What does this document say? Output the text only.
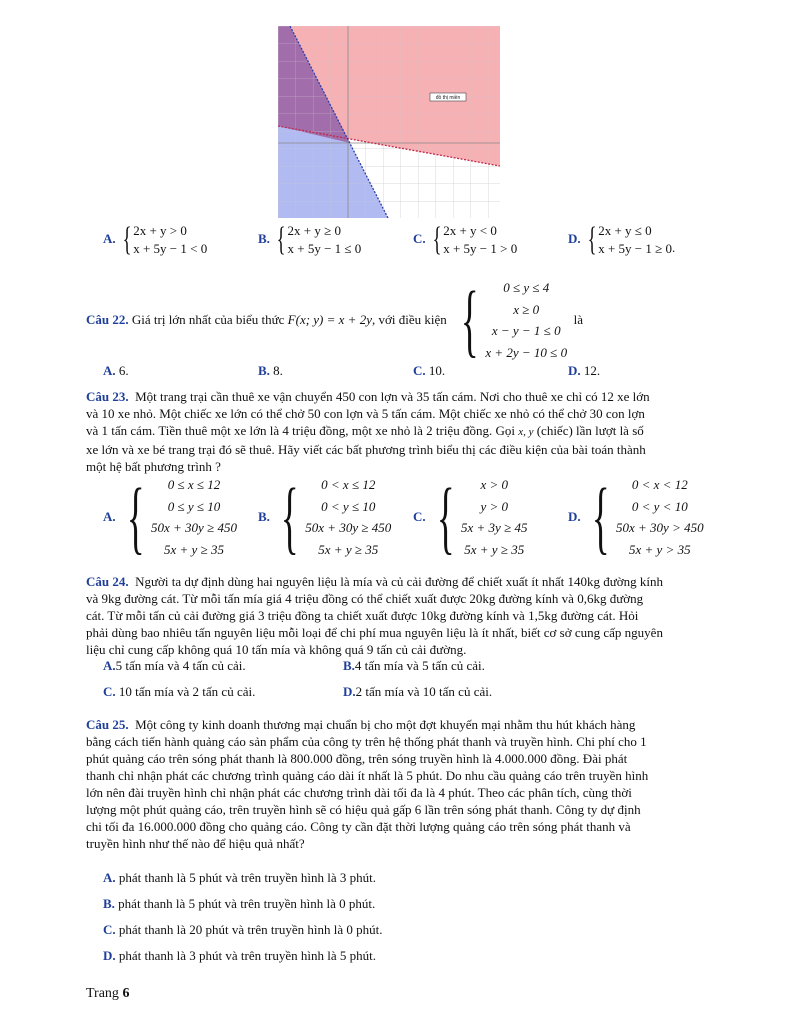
đồ thị miền
A. { 2x + y > 0
x + 5y − 1 < 0
B. { 2x + y ≥ 0
x + 5y − 1 ≤ 0
C. { 2x + y < 0
x + 5y − 1 > 0
D. { 2x + y ≤ 0
x + 5y − 1 ≥ 0 .
Câu 22.
Giá trị lớn nhất của biểu thức
F(x; y) = x + 2y , với điều kiện
{	0 ≤ y ≤ 4
x ≥ 0
x − y − 1 ≤ 0
x + 2y − 10 ≤ 0

là
A. 6.	B. 8.	C. 10.	D. 12.
Câu 23. Một trang trại cần thuê xe vận chuyển 450 con lợn và 35 tấn cám. Nơi cho thuê xe chỉ có 12 xe lớn
và 10 xe nhỏ. Một chiếc xe lớn có thể chở 50 con lợn và 5 tấn cám. Một chiếc xe nhỏ có thể chở 30 con lợn
và 1 tấn cám. Tiền thuê một xe lớn là 4 triệu đồng, một xe nhỏ là 2 triệu đồng. Gọi x, y (chiếc) lần lượt là số
xe lớn và xe bé trang trại đó sẽ thuê. Hãy viết các bất phương trình biểu thị các điều kiện của bài toán thành
một hệ bất phương trình ?
A. {	0 ≤ x ≤ 12
0 ≤ y ≤ 10
50x + 30y ≥ 450
5x + y ≥ 35
B. {	0 < x ≤ 12
0 < y ≤ 10
50x + 30y ≥ 450
5x + y ≥ 35
C. {	x > 0
y > 0
5x + 3y ≥ 45
5x + y ≥ 35
D. {	0 < x < 12
0 < y < 10
50x + 30y > 450
5x + y > 35
Câu 24. Người ta dự định dùng hai nguyên liệu là mía và củ cải đường để chiết xuất ít nhất 140kg đường kính
và 9kg đường cát. Từ mỗi tấn mía giá 4 triệu đồng có thể chiết xuất được 20kg đường kính và 0,6kg đường
cát. Từ mỗi tấn củ cải đường giá 3 triệu đồng ta chiết xuất được 10kg đường kính và 1,5kg đường cát. Hỏi
phải dùng bao nhiêu tấn nguyên liệu mỗi loại để chi phí mua nguyên liệu là ít nhất, biết cơ sở cung cấp nguyên
liệu chỉ cung cấp không quá 10 tấn mía và không quá 9 tấn củ cải đường.
A.5 tấn mía và 4 tấn củ cải.	B.4 tấn mía và 5 tấn củ cải.
C. 10 tấn mía và 2 tấn củ cải.	D.2 tấn mía và 10 tấn củ cải.
Câu 25. Một công ty kinh doanh thương mại chuẩn bị cho một đợt khuyến mại nhằm thu hút khách hàng
bằng cách tiến hành quảng cáo sản phẩm của công ty trên hệ thống phát thanh và truyền hình. Chi phí cho 1
phút quảng cáo trên sóng phát thanh là 800.000 đồng, trên sóng truyền hình là 4.000.000 đồng. Đài phát
thanh chỉ nhận phát các chương trình quảng cáo dài ít nhất là 5 phút. Do nhu cầu quảng cáo trên truyền hình
lớn nên đài truyền hình chỉ nhận phát các chương trình dài tối đa là 4 phút. Theo các phân tích, cùng thời
lượng một phút quảng cáo, trên truyền hình sẽ có hiệu quả gấp 6 lần trên sóng phát thanh. Công ty dự định
chi tối đa 16.000.000 đồng cho quảng cáo. Công ty cần đặt thời lượng quảng cáo trên sóng phát thanh và
truyền hình như thế nào để hiệu quả nhất?
A. phát thanh là 5 phút và trên truyền hình là 3 phút.
B. phát thanh là 5 phút và trên truyền hình là 0 phút.
C. phát thanh là 20 phút và trên truyền hình là 0 phút.
D. phát thanh là 3 phút và trên truyền hình là 5 phút.
Trang 6
